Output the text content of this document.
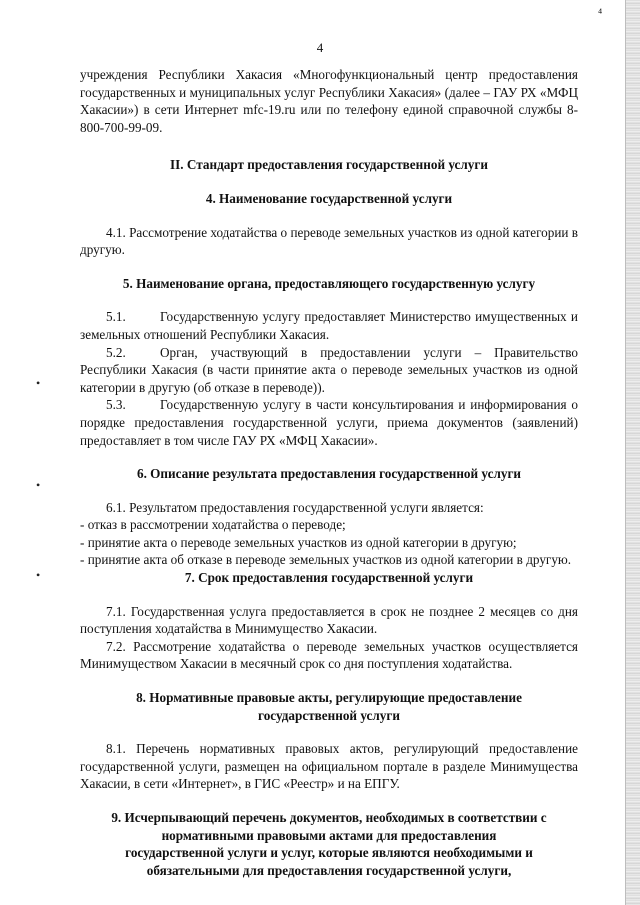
⁴
•
•
•
4

учреждения Республики Хакасия «Многофункциональный центр предоставления государственных и муниципальных услуг Республики Хакасия» (далее – ГАУ РХ «МФЦ Хакасии») в сети Интернет mfc-19.ru или по телефону единой справочной службы 8-800-700-99-09.

II. Стандарт предоставления государственной услуги

4. Наименование государственной услуги

4.1. Рассмотрение ходатайства о переводе земельных участков из одной категории в другую.

5. Наименование органа, предоставляющего государственную услугу

5.1.	Государственную услугу предоставляет Министерство имущественных и земельных отношений Республики Хакасия.

5.2.	Орган, участвующий в предоставлении услуги – Правительство Республики Хакасия (в части принятие акта о переводе земельных участков из одной категории в другую (об отказе в переводе)).

5.3.	Государственную услугу в части консультирования и информирования о порядке предоставления государственной услуги, приема документов (заявлений) предоставляет в том числе ГАУ РХ «МФЦ Хакасии».

6. Описание результата предоставления государственной услуги

6.1. Результатом предоставления государственной услуги является:

- отказ в рассмотрении ходатайства о переводе;

- принятие акта о переводе земельных участков из одной категории в другую;

- принятие акта об отказе в переводе земельных участков из одной категории в другую.

7. Срок предоставления государственной услуги

7.1. Государственная услуга предоставляется в срок не позднее 2 месяцев со дня поступления ходатайства в Минимущество Хакасии.

7.2. Рассмотрение ходатайства о переводе земельных участков осуществляется Минимуществом Хакасии в месячный срок со дня поступления ходатайства.

8. Нормативные правовые акты, регулирующие предоставление

государственной услуги

8.1. Перечень нормативных правовых актов, регулирующий предоставление государственной услуги, размещен на официальном портале в разделе Минимущества Хакасии, в сети «Интернет», в ГИС «Реестр» и на ЕПГУ.

9. Исчерпывающий перечень документов, необходимых в соответствии с

нормативными правовыми актами для предоставления

государственной услуги и услуг, которые являются необходимыми и

обязательными для предоставления государственной услуги,
